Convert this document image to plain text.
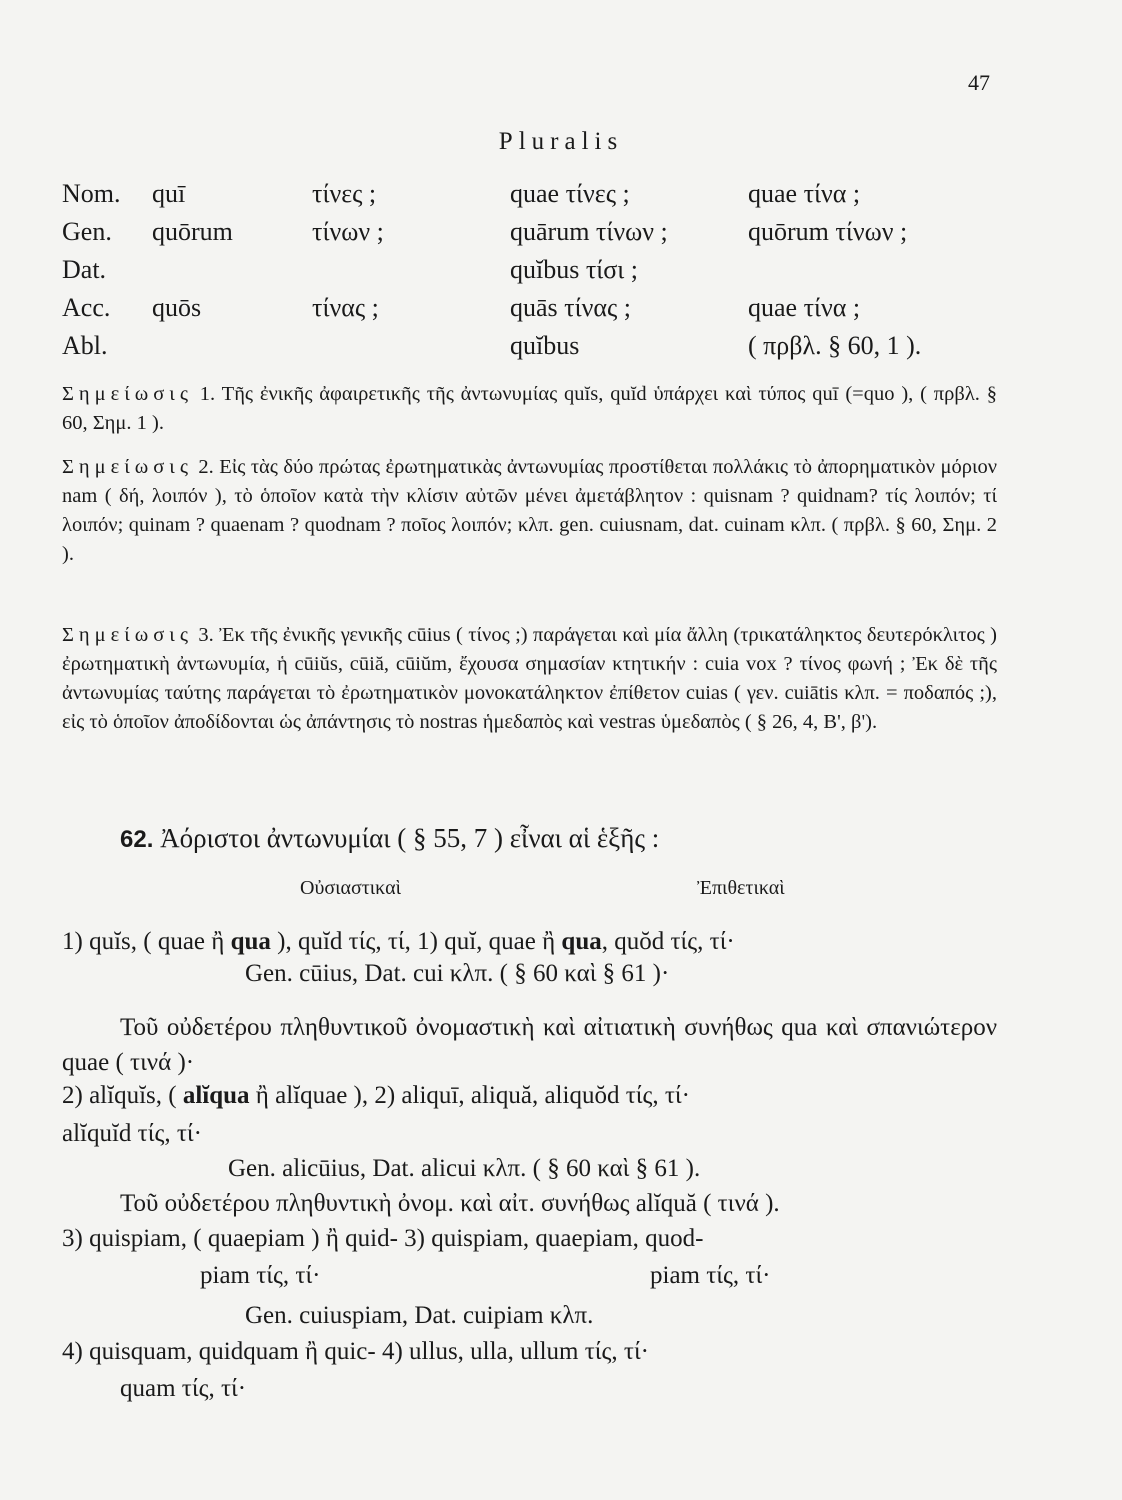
47
Pluralis
Nom.	quī	τίνες ;	quae τίνες ;	quae τίνα ;
Gen.	quōrum	τίνων ;	quārum τίνων ;	quōrum τίνων ;
Dat.			quĭbus τίσι ;	
Acc.	quōs	τίνας ;	quās τίνας ;	quae τίνα ;
Abl.			quĭbus	( πρβλ. § 60, 1 ).
Σημείωσις 1. Τῆς ἐνικῆς ἀφαιρετικῆς τῆς ἀντωνυμίας quĭs, quĭd ὑπάρχει καὶ τύπος quī (=quo ), ( πρβλ. § 60, Σημ. 1 ).
Σημείωσις 2. Εἰς τὰς δύο πρώτας ἐρωτηματικὰς ἀντωνυμίας προστίθεται πολλάκις τὸ ἀπορηματικὸν μόριον nam ( δή, λοιπόν ), τὸ ὁποῖον κατὰ τὴν κλίσιν αὐτῶν μένει ἀμετάβλητον : quisnam ? quidnam? τίς λοιπόν; τί λοιπόν; quinam ? quaenam ? quodnam ? ποῖος λοιπόν; κλπ. gen. cuiusnam, dat. cuinam κλπ. ( πρβλ. § 60, Σημ. 2 ).
Σημείωσις 3. Ἐκ τῆς ἐνικῆς γενικῆς cūius ( τίνος ;) παράγεται καὶ μία ἄλλη (τρικατάληκτος δευτερόκλιτος ) ἐρωτηματικὴ ἀντωνυμία, ἡ cūiŭs, cūiă, cūiŭm, ἔχουσα σημασίαν κτητικήν : cuia vox ? τίνος φωνή ; Ἐκ δὲ τῆς ἀντωνυμίας ταύτης παράγεται τὸ ἐρωτηματικὸν μονοκατάληκτον ἐπίθετον cuias ( γεν. cuiātis κλπ. = ποδαπός ;), εἰς τὸ ὁποῖον ἀποδίδονται ὡς ἀπάντησις τὸ nostras ἡμεδαπὸς καὶ vestras ὑμεδαπὸς ( § 26, 4, Β', β').
62. Ἀόριστοι ἀντωνυμίαι ( § 55, 7 ) εἶναι αἱ ἑξῆς :
Οὐσιαστικαὶ	Ἐπιθετικαὶ
1) quĭs, ( quae ἢ qua ), quĭd τίς, τί, 1) quĭ, quae ἢ qua, quŏd τίς, τί·
Gen. cūius, Dat. cui κλπ. ( § 60 καὶ § 61 )·
Τοῦ οὐδετέρου πληθυντικοῦ ὀνομαστικὴ καὶ αἰτιατικὴ συνήθως qua καὶ σπανιώτερον quae ( τινά )·
2) alĭquĭs, ( alĭqua ἢ alĭquae ), 2) aliquī, aliquă, aliquŏd τίς, τί·
alĭquĭd τίς, τί·
Gen. alicūius, Dat. alicui κλπ. ( § 60 καὶ § 61 ).
Τοῦ οὐδετέρου πληθυντικὴ ὀνομ. καὶ αἰτ. συνήθως alĭquă ( τινά ).
3) quispiam, ( quaepiam ) ἢ quid- 3) quispiam, quaepiam, quod-
piam τίς, τί·	piam τίς, τί·
Gen. cuiuspiam, Dat. cuipiam κλπ.
4) quisquam, quidquam ἢ quic- 4) ullus, ulla, ullum τίς, τί·
quam τίς, τί·
